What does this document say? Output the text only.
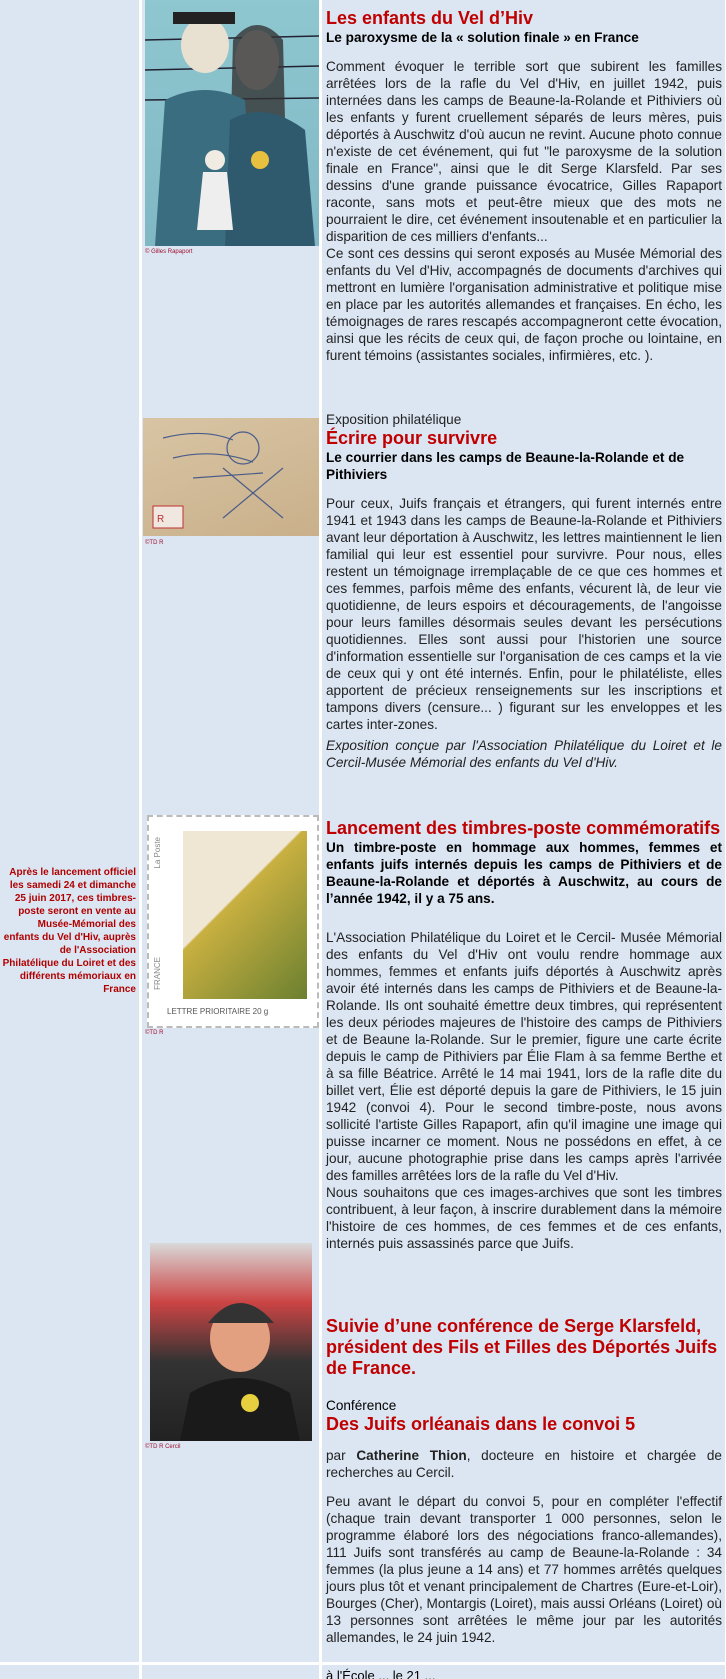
à l'École ... le 21 ...
© Gilles Rapaport
R
©TD R
La Poste
FRANCE
LETTRE PRIORITAIRE 20 g
©TD R
©TD R Cercil
Après le lancement officiel les samedi 24 et dimanche 25 juin 2017, ces timbres-poste seront en vente au Musée-Mémorial des enfants du Vel d'Hiv, auprès de l'Association Philatélique du Loiret et des différents mémoriaux en France
Les enfants du Vel d’Hiv
Le paroxysme de la « solution finale » en France

Comment évoquer le terrible sort que subirent les familles arrêtées lors de la rafle du Vel d'Hiv, en juillet 1942, puis internées dans les camps de Beaune-la-Rolande et Pithiviers où les enfants y furent cruellement séparés de leurs mères, puis déportés à Auschwitz d'où aucun ne revint. Aucune photo connue n'existe de cet événement, qui fut "le paroxysme de la solution finale en France", ainsi que le dit Serge Klarsfeld. Par ses dessins d'une grande puissance évocatrice, Gilles Rapaport raconte, sans mots et peut-être mieux que des mots ne pourraient le dire, cet événement insoutenable et en particulier la disparition de ces milliers d'enfants...

Ce sont ces dessins qui seront exposés au Musée Mémorial des enfants du Vel d'Hiv, accompagnés de documents d'archives qui mettront en lumière l'organisation administrative et politique mise en place par les autorités allemandes et françaises. En écho, les témoignages de rares rescapés accompagneront cette évocation, ainsi que les récits de ceux qui, de façon proche ou lointaine, en furent témoins (assistantes sociales, infirmières, etc. ).

Exposition philatélique
Écrire pour survivre
Le courrier dans les camps de Beaune-la-Rolande et de Pithiviers

Pour ceux, Juifs français et étrangers, qui furent internés entre 1941 et 1943 dans les camps de Beaune-la-Rolande et Pithiviers avant leur déportation à Auschwitz, les lettres maintiennent le lien familial qui leur est essentiel pour survivre. Pour nous, elles restent un témoignage irremplaçable de ce que ces hommes et ces femmes, parfois même des enfants, vécurent là, de leur vie quotidienne, de leurs espoirs et découragements, de l'angoisse pour leurs familles désormais seules devant les persécutions quotidiennes. Elles sont aussi pour l'historien une source d'information essentielle sur l'organisation de ces camps et la vie de ceux qui y ont été internés. Enfin, pour le philatéliste, elles apportent de précieux renseignements sur les inscriptions et tampons divers (censure... ) figurant sur les enveloppes et les cartes inter-zones.

Exposition conçue par l'Association Philatélique du Loiret et le Cercil-Musée Mémorial des enfants du Vel d'Hiv.

Lancement des timbres-poste commémoratifs
Un timbre-poste en hommage aux hommes, femmes et enfants juifs internés depuis les camps de Pithiviers et de Beaune-la-Rolande et déportés à Auschwitz, au cours de l’année 1942, il y a 75 ans.

L'Association Philatélique du Loiret et le Cercil- Musée Mémorial des enfants du Vel d'Hiv ont voulu rendre hommage aux hommes, femmes et enfants juifs déportés à Auschwitz après avoir été internés dans les camps de Pithiviers et de Beaune-la-Rolande. Ils ont souhaité émettre deux timbres, qui représentent les deux périodes majeures de l'histoire des camps de Pithiviers et de Beaune la-Rolande. Sur le premier, figure une carte écrite depuis le camp de Pithiviers par Élie Flam à sa femme Berthe et à sa fille Béatrice. Arrêté le 14 mai 1941, lors de la rafle dite du billet vert, Élie est déporté depuis la gare de Pithiviers, le 15 juin 1942 (convoi 4). Pour le second timbre-poste, nous avons sollicité l'artiste Gilles Rapaport, afin qu'il imagine une image qui puisse incarner ce moment. Nous ne possédons en effet, à ce jour, aucune photographie prise dans les camps après l'arrivée des familles arrêtées lors de la rafle du Vel d'Hiv.

Nous souhaitons que ces images-archives que sont les timbres contribuent, à leur façon, à inscrire durablement dans la mémoire l'histoire de ces hommes, de ces femmes et de ces enfants, internés puis assassinés parce que Juifs.

Suivie d’une conférence de Serge Klarsfeld, président des Fils et Filles des Déportés Juifs de France.
Conférence
Des Juifs orléanais dans le convoi 5

par Catherine Thion, docteure en histoire et chargée de recherches au Cercil.

Peu avant le départ du convoi 5, pour en compléter l'effectif (chaque train devant transporter 1 000 personnes, selon le programme élaboré lors des négociations franco-allemandes), 111 Juifs sont transférés au camp de Beaune-la-Rolande : 34 femmes (la plus jeune a 14 ans) et 77 hommes arrêtés quelques jours plus tôt et venant principalement de Chartres (Eure-et-Loir), Bourges (Cher), Montargis (Loiret), mais aussi Orléans (Loiret) où 13 personnes sont arrêtées le même jour par les autorités allemandes, le 24 juin 1942.
